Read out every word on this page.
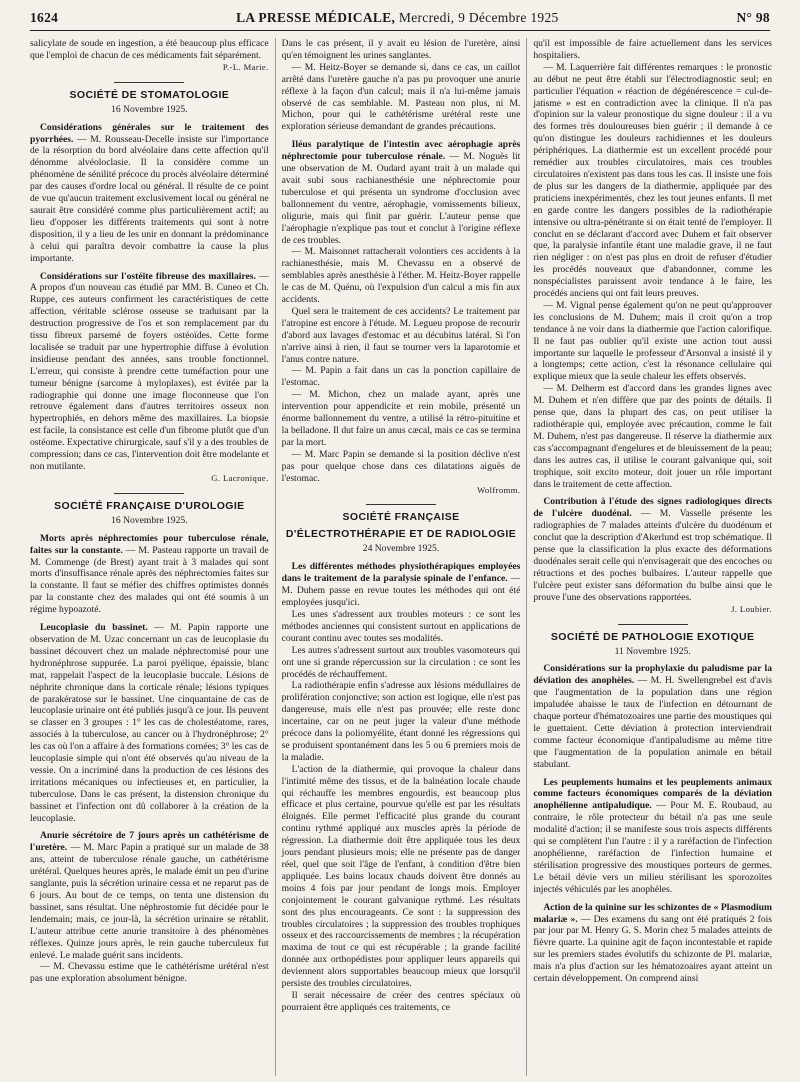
1624	LA PRESSE MÉDICALE, Mercredi, 9 Décembre 1925	N° 98

salicylate de soude en ingestion, a été beaucoup plus efficace que l'emploi de chacun de ces médicaments fait séparément.

P.-L. Marie.

SOCIÉTÉ DE STOMATOLOGIE
16 Novembre 1925.

Considérations générales sur le traitement des pyorrhées. — M. Rousseau-Decelle insiste sur l'importance de la résorption du bord alvéolaire dans cette affection qu'il dénomme alvéoloclasie. Il la considère comme un phénomène de sénilité précoce du procès alvéolaire déterminé par des causes d'ordre local ou général. Il résulte de ce point de vue qu'aucun traitement exclusivement local ou général ne saurait être considéré comme plus particulièrement actif; au lieu d'opposer les différents traitements qui sont à notre disposition, il y a lieu de les unir en donnant la prédominance à celui qui paraîtra devoir combattre la cause la plus importante.

Considérations sur l'ostéite fibreuse des maxillaires. — A propos d'un nouveau cas étudié par MM. B. Cuneo et Ch. Ruppe, ces auteurs confirment les caractéristiques de cette affection, véritable sclérose osseuse se traduisant par la destruction progressive de l'os et son remplacement par du tissu fibreux parsemé de foyers ostéoïdes. Cette forme localisée se traduit par une hypertrophie diffuse à évolution insidieuse pendant des années, sans trouble fonctionnel. L'erreur, qui consiste à prendre cette tuméfaction pour une tumeur bénigne (sarcome à myloplaxes), est évitée par la radiographie qui donne une image floconneuse que l'on retrouve également dans d'autres territoires osseux non hypertrophiés, en dehors même des maxillaires. La biopsie est facile, la consistance est celle d'un fibrome plutôt que d'un ostéome. Expectative chirurgicale, sauf s'il y a des troubles de compression; dans ce cas, l'intervention doit être modelante et non mutilante.

G. Lacronique.

SOCIÉTÉ FRANÇAISE D'UROLOGIE
16 Novembre 1925.

Morts après néphrectomies pour tuberculose rénale, faites sur la constante. — M. Pasteau rapporte un travail de M. Commenge (de Brest) ayant trait à 3 malades qui sont morts d'insuffisance rénale après des néphrectomies faites sur la constante. Il faut se méfier des chiffres optimistes donnés par la constante chez des malades qui ont été soumis à un régime hypoazoté.

Leucoplasie du bassinet. — M. Papin rapporte une observation de M. Uzac concernant un cas de leucoplasie du bassinet découvert chez un malade néphrectomisé pour une hydronéphrose suppurée. La paroi pyélique, épaissie, blanc mat, rappelait l'aspect de la leucoplasie buccale. Lésions de néphrite chronique dans la corticale rénale; lésions typiques de parakératose sur le bassinet. Une cinquantaine de cas de leucoplasie urinaire ont été publiés jusqu'à ce jour. Ils peuvent se classer en 3 groupes : 1° les cas de cholestéatome, rares, associés à la tuberculose, au cancer ou à l'hydronéphrose; 2° les cas où l'on a affaire à des formations cornées; 3° les cas de leucoplasie simple qui n'ont été observés qu'au niveau de la vessie. On a incriminé dans la production de ces lésions des irritations mécaniques ou infectieuses et, en particulier, la tuberculose. Dans le cas présent, la distension chronique du bassinet et l'infection ont dû collaborer à la création de la leucoplasie.

Anurie sécrétoire de 7 jours après un cathétérisme de l'uretère. — M. Marc Papin a pratiqué sur un malade de 38 ans, atteint de tuberculose rénale gauche, un cathétérisme urétéral. Quelques heures après, le malade émit un peu d'urine sanglante, puis la sécrétion urinaire cessa et ne reparut pas de 6 jours. Au bout de ce temps, on tenta une distension du bassinet, sans résultat. Une néphrostomie fut décidée pour le lendemain; mais, ce jour-là, la sécrétion urinaire se rétablit. L'auteur attribue cette anurie transitoire à des phénomènes réflexes. Quinze jours après, le rein gauche tuberculeux fut enlevé. Le malade guérit sans incidents.

— M. Chevassu estime que le cathétérisme urétéral n'est pas une exploration absolument bénigne.

Dans le cas présent, il y avait eu lésion de l'uretère, ainsi qu'en témoignent les urines sanglantes.

— M. Heitz-Boyer se demande si, dans ce cas, un caillot arrêté dans l'uretère gauche n'a pas pu provoquer une anurie réflexe à la façon d'un calcul; mais il n'a lui-même jamais observé de cas semblable. M. Pasteau non plus, ni M. Michon, pour qui le cathétérisme urétéral reste une exploration sérieuse demandant de grandes précautions.

Iléus paralytique de l'intestin avec aérophagie après néphrectomie pour tuberculose rénale. — M. Noguès lit une observation de M. Oudard ayant trait à un malade qui avait subi sous rachianesthésie une néphrectomie pour tuberculose et qui présenta un syndrome d'occlusion avec ballonnement du ventre, aérophagie, vomissements bilieux, oligurie, mais qui finit par guérir. L'auteur pense que l'aérophagie n'explique pas tout et conclut à l'origine réflexe de ces troubles.

— M. Maisonnet rattacherait volontiers ces accidents à la rachianesthésie, mais M. Chevassu en a observé de semblables après anesthésie à l'éther. M. Heitz-Boyer rappelle le cas de M. Quénu, où l'expulsion d'un calcul a mis fin aux accidents.

Quel sera le traitement de ces accidents? Le traitement par l'atropine est encore à l'étude. M. Legueu propose de recourir d'abord aux lavages d'estomac et au décubitus latéral. Si l'on n'arrive ainsi à rien, il faut se tourner vers la laparotomie et l'anus contre nature.

— M. Papin a fait dans un cas la ponction capillaire de l'estomac.

— M. Michon, chez un malade ayant, après une intervention pour appendicite et rein mobile, présenté un énorme ballonnement du ventre, a utilisé la rétro-pituitine et la belladone. Il dut faire un anus cæcal, mais ce cas se termina par la mort.

— M. Marc Papin se demande si la position déclive n'est pas pour quelque chose dans ces dilatations aiguës de l'estomac.

Wolfromm.

SOCIÉTÉ FRANÇAISE
D'ÉLECTROTHÉRAPIE ET DE RADIOLOGIE
24 Novembre 1925.

Les différentes méthodes physiothérapiques employées dans le traitement de la paralysie spinale de l'enfance. — M. Duhem passe en revue toutes les méthodes qui ont été employées jusqu'ici.

Les unes s'adressent aux troubles moteurs : ce sont les méthodes anciennes qui consistent surtout en applications de courant continu avec toutes ses modalités.

Les autres s'adressent surtout aux troubles vasomoteurs qui ont une si grande répercussion sur la circulation : ce sont les procédés de réchauffement.

La radiothérapie enfin s'adresse aux lésions médullaires de prolifération conjonctive; son action est logique, elle n'est pas dangereuse, mais elle n'est pas prouvée; elle reste donc incertaine, car on ne peut juger la valeur d'une méthode précoce dans la poliomyélite, étant donné les régressions qui se produisent spontanément dans les 5 ou 6 premiers mois de la maladie.

L'action de la diathermie, qui provoque la chaleur dans l'intimité même des tissus, et de la balnéation locale chaude qui réchauffe les membres engourdis, est beaucoup plus efficace et plus certaine, pourvue qu'elle est par les résultats éloignés. Elle permet l'efficacité plus grande du courant continu rythmé appliqué aux muscles après la période de régression. La diathermie doit être appliquée tous les deux jours pendant plusieurs mois; elle ne présente pas de danger réel, quel que soit l'âge de l'enfant, à condition d'être bien appliquée. Les bains locaux chauds doivent être donnés au moins 4 fois par jour pendant de longs mois. Employer conjointement le courant galvanique rythmé. Les résultats sont des plus encourageants. Ce sont : la suppression des troubles circulatoires ; la suppression des troubles trophiques osseux et des raccourcissements de membres ; la récupération maxima de tout ce qui est récupérable ; la grande facilité donnée aux orthopédistes pour appliquer leurs appareils qui deviennent alors supportables beaucoup mieux que lorsqu'il persiste des troubles circulatoires.

Il serait nécessaire de créer des centres spéciaux où pourraient être appliqués ces traitements, ce

qu'il est impossible de faire actuellement dans les services hospitaliers.

— M. Laquerrière fait différentes remarques : le pronostic au début ne peut être établi sur l'électrodiagnostic seul; en particulier l'équation « réaction de dégénérescence = cul-de-jatisme » est en contradiction avec la clinique. Il n'a pas d'opinion sur la valeur pronostique du signe douleur : il a vu des formes très douloureuses bien guérir ; il demande à ce qu'on distingue les douleurs rachidiennes et les douleurs périphériques. La diathermie est un excellent procédé pour remédier aux troubles circulatoires, mais ces troubles circulatoires n'existent pas dans tous les cas. Il insiste une fois de plus sur les dangers de la diathermie, appliquée par des praticiens inexpérimentés, chez les tout jeunes enfants. Il met en garde contre les dangers possibles de la radiothérapie intensive ou ultra-pénétrante si on était tenté de l'employer. Il conclut en se déclarant d'accord avec Duhem et fait observer que, la paralysie infantile étant une maladie grave, il ne faut rien négliger : on n'est pas plus en droit de refuser d'étudier les procédés nouveaux que d'abandonner, comme les nonspécialistes paraissent avoir tendance à le faire, les procédés anciens qui ont fait leurs preuves.

— M. Vignal pense également qu'on ne peut qu'approuver les conclusions de M. Duhem; mais il croit qu'on a trop tendance à ne voir dans la diathermie que l'action calorifique. Il ne faut pas oublier qu'il existe une action tout aussi importante sur laquelle le professeur d'Arsonval a insisté il y a longtemps; cette action, c'est la résonance cellulaire qui explique mieux que la seule chaleur les effets observés.

— M. Delherm est d'accord dans les grandes lignes avec M. Duhem et n'en diffère que par des points de détails. Il pense que, dans la plupart des cas, on peut utiliser la radiothérapie qui, employée avec précaution, comme le fait M. Duhem, n'est pas dangereuse. Il réserve la diathermie aux cas s'accompagnant d'engelures et de bleuissement de la peau; dans les autres cas, il utilise le courant galvanique qui, soit trophique, soit excito moteur, doit jouer un rôle important dans le traitement de cette affection.

Contribution à l'étude des signes radiologiques directs de l'ulcère duodénal. — M. Vasselle présente les radiographies de 7 malades atteints d'ulcère du duodénum et conclut que la description d'Akerlund est trop schématique. Il pense que la classification la plus exacte des déformations duodénales serait celle qui n'envisagerait que des encoches ou rétractions et des poches bulbaires. L'auteur rappelle que l'ulcère peut exister sans déformation du bulbe ainsi que le prouve l'une des observations rapportées.

J. Loubier.

SOCIÉTÉ DE PATHOLOGIE EXOTIQUE
11 Novembre 1925.

Considérations sur la prophylaxie du paludisme par la déviation des anophèles. — M. H. Swellengrebel est d'avis que l'augmentation de la population dans une région impaludée abaisse le taux de l'infection en détournant de chaque porteur d'hématozoaires une partie des moustiques qui le guettaient. Cette déviation à protection interviendrait comme facteur économique d'antipaludisme au même titre que l'augmentation de la population animale en bétail stabulant.

Les peuplements humains et les peuplements animaux comme facteurs économiques comparés de la déviation anophélienne antipaludique. — Pour M. E. Roubaud, au contraire, le rôle protecteur du bétail n'a pas une seule modalité d'action; il se manifeste sous trois aspects différents qui se complètent l'un l'autre : il y a raréfaction de l'infection anophélienne, raréfaction de l'infection humaine et stérilisation progressive des moustiques porteurs de germes. Le bétail dévie vers un milieu stérilisant les sporozoïtes injectés véhiculés par les anophèles.

Action de la quinine sur les schizontes de « Plasmodium malariæ ». — Des examens du sang ont été pratiqués 2 fois par jour par M. Henry G. S. Morin chez 5 malades atteints de fièvre quarte. La quinine agit de façon incontestable et rapide sur les premiers stades évolutifs du schizonte de Pl. malariæ, mais n'a plus d'action sur les hématozoaires ayant atteint un certain développement. On comprend ainsi
